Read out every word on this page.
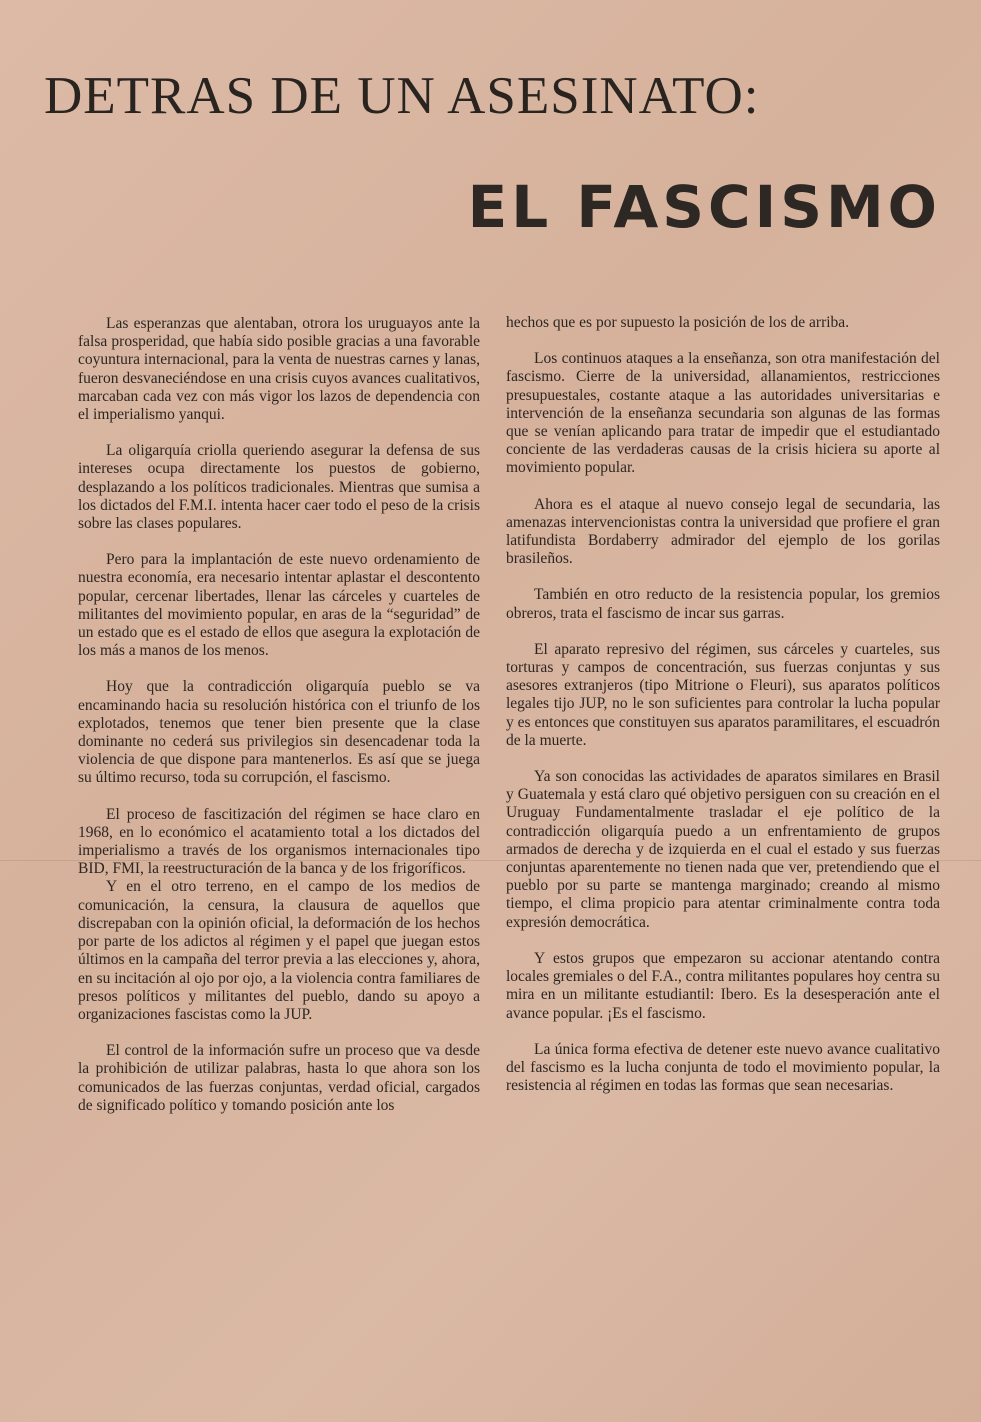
DETRAS DE UN ASESINATO:
EL FASCISMO

Las esperanzas que alentaban, otrora los uruguayos ante la falsa prosperidad, que había sido posible gracias a una favorable coyuntura internacional, para la venta de nuestras carnes y lanas, fueron desvaneciéndose en una crisis cuyos avances cualitativos, marcaban cada vez con más vigor los lazos de dependencia con el imperialismo yanqui.

La oligarquía criolla queriendo asegurar la defensa de sus intereses ocupa directamente los puestos de gobierno, desplazando a los políticos tradicionales. Mientras que sumisa a los dictados del F.M.I. intenta hacer caer todo el peso de la crisis sobre las clases populares.

Pero para la implantación de este nuevo ordenamiento de nuestra economía, era necesario intentar aplastar el descontento popular, cercenar libertades, llenar las cárceles y cuarteles de militantes del movimiento popular, en aras de la “seguridad” de un estado que es el estado de ellos que asegura la explotación de los más a manos de los menos.

Hoy que la contradicción oligarquía pueblo se va encaminando hacia su resolución histórica con el triunfo de los explotados, tenemos que tener bien presente que la clase dominante no cederá sus privilegios sin desencadenar toda la violencia de que dispone para mantenerlos. Es así que se juega su último recurso, toda su corrupción, el fascismo.

El proceso de fascitización del régimen se hace claro en 1968, en lo económico el acatamiento total a los dictados del imperialismo a través de los organismos internacionales tipo BID, FMI, la reestructuración de la banca y de los frigoríficos.

Y en el otro terreno, en el campo de los medios de comunicación, la censura, la clausura de aquellos que discrepaban con la opinión oficial, la deformación de los hechos por parte de los adictos al régimen y el papel que juegan estos últimos en la campaña del terror previa a las elecciones y, ahora, en su incitación al ojo por ojo, a la violencia contra familiares de presos políticos y militantes del pueblo, dando su apoyo a organizaciones fascistas como la JUP.

El control de la información sufre un proceso que va desde la prohibición de utilizar palabras, hasta lo que ahora son los comunicados de las fuerzas conjuntas, verdad oficial, cargados de significado político y tomando posición ante los

hechos que es por supuesto la posición de los de arriba.

Los continuos ataques a la enseñanza, son otra manifestación del fascismo. Cierre de la universidad, allanamientos, restricciones presupuestales, costante ataque a las autoridades universitarias e intervención de la enseñanza secundaria son algunas de las formas que se venían aplicando para tratar de impedir que el estudiantado conciente de las verdaderas causas de la crisis hiciera su aporte al movimiento popular.

Ahora es el ataque al nuevo consejo legal de secundaria, las amenazas intervencionistas contra la universidad que profiere el gran latifundista Bordaberry admirador del ejemplo de los gorilas brasileños.

También en otro reducto de la resistencia popular, los gremios obreros, trata el fascismo de incar sus garras.

El aparato represivo del régimen, sus cárceles y cuarteles, sus torturas y campos de concentración, sus fuerzas conjuntas y sus asesores extranjeros (tipo Mitrione o Fleuri), sus aparatos políticos legales tijo JUP, no le son suficientes para controlar la lucha popular y es entonces que constituyen sus aparatos paramilitares, el escuadrón de la muerte.

Ya son conocidas las actividades de aparatos similares en Brasil y Guatemala y está claro qué objetivo persiguen con su creación en el Uruguay Fundamentalmente trasladar el eje político de la contradicción oligarquía puedo a un enfrentamiento de grupos armados de derecha y de izquierda en el cual el estado y sus fuerzas conjuntas aparentemente no tienen nada que ver, pretendiendo que el pueblo por su parte se mantenga marginado; creando al mismo tiempo, el clima propicio para atentar criminalmente contra toda expresión democrática.

Y estos grupos que empezaron su accionar atentando contra locales gremiales o del F.A., contra militantes populares hoy centra su mira en un militante estudiantil: Ibero. Es la desesperación ante el avance popular. ¡Es el fascismo.

La única forma efectiva de detener este nuevo avance cualitativo del fascismo es la lucha conjunta de todo el movimiento popular, la resistencia al régimen en todas las formas que sean necesarias.
